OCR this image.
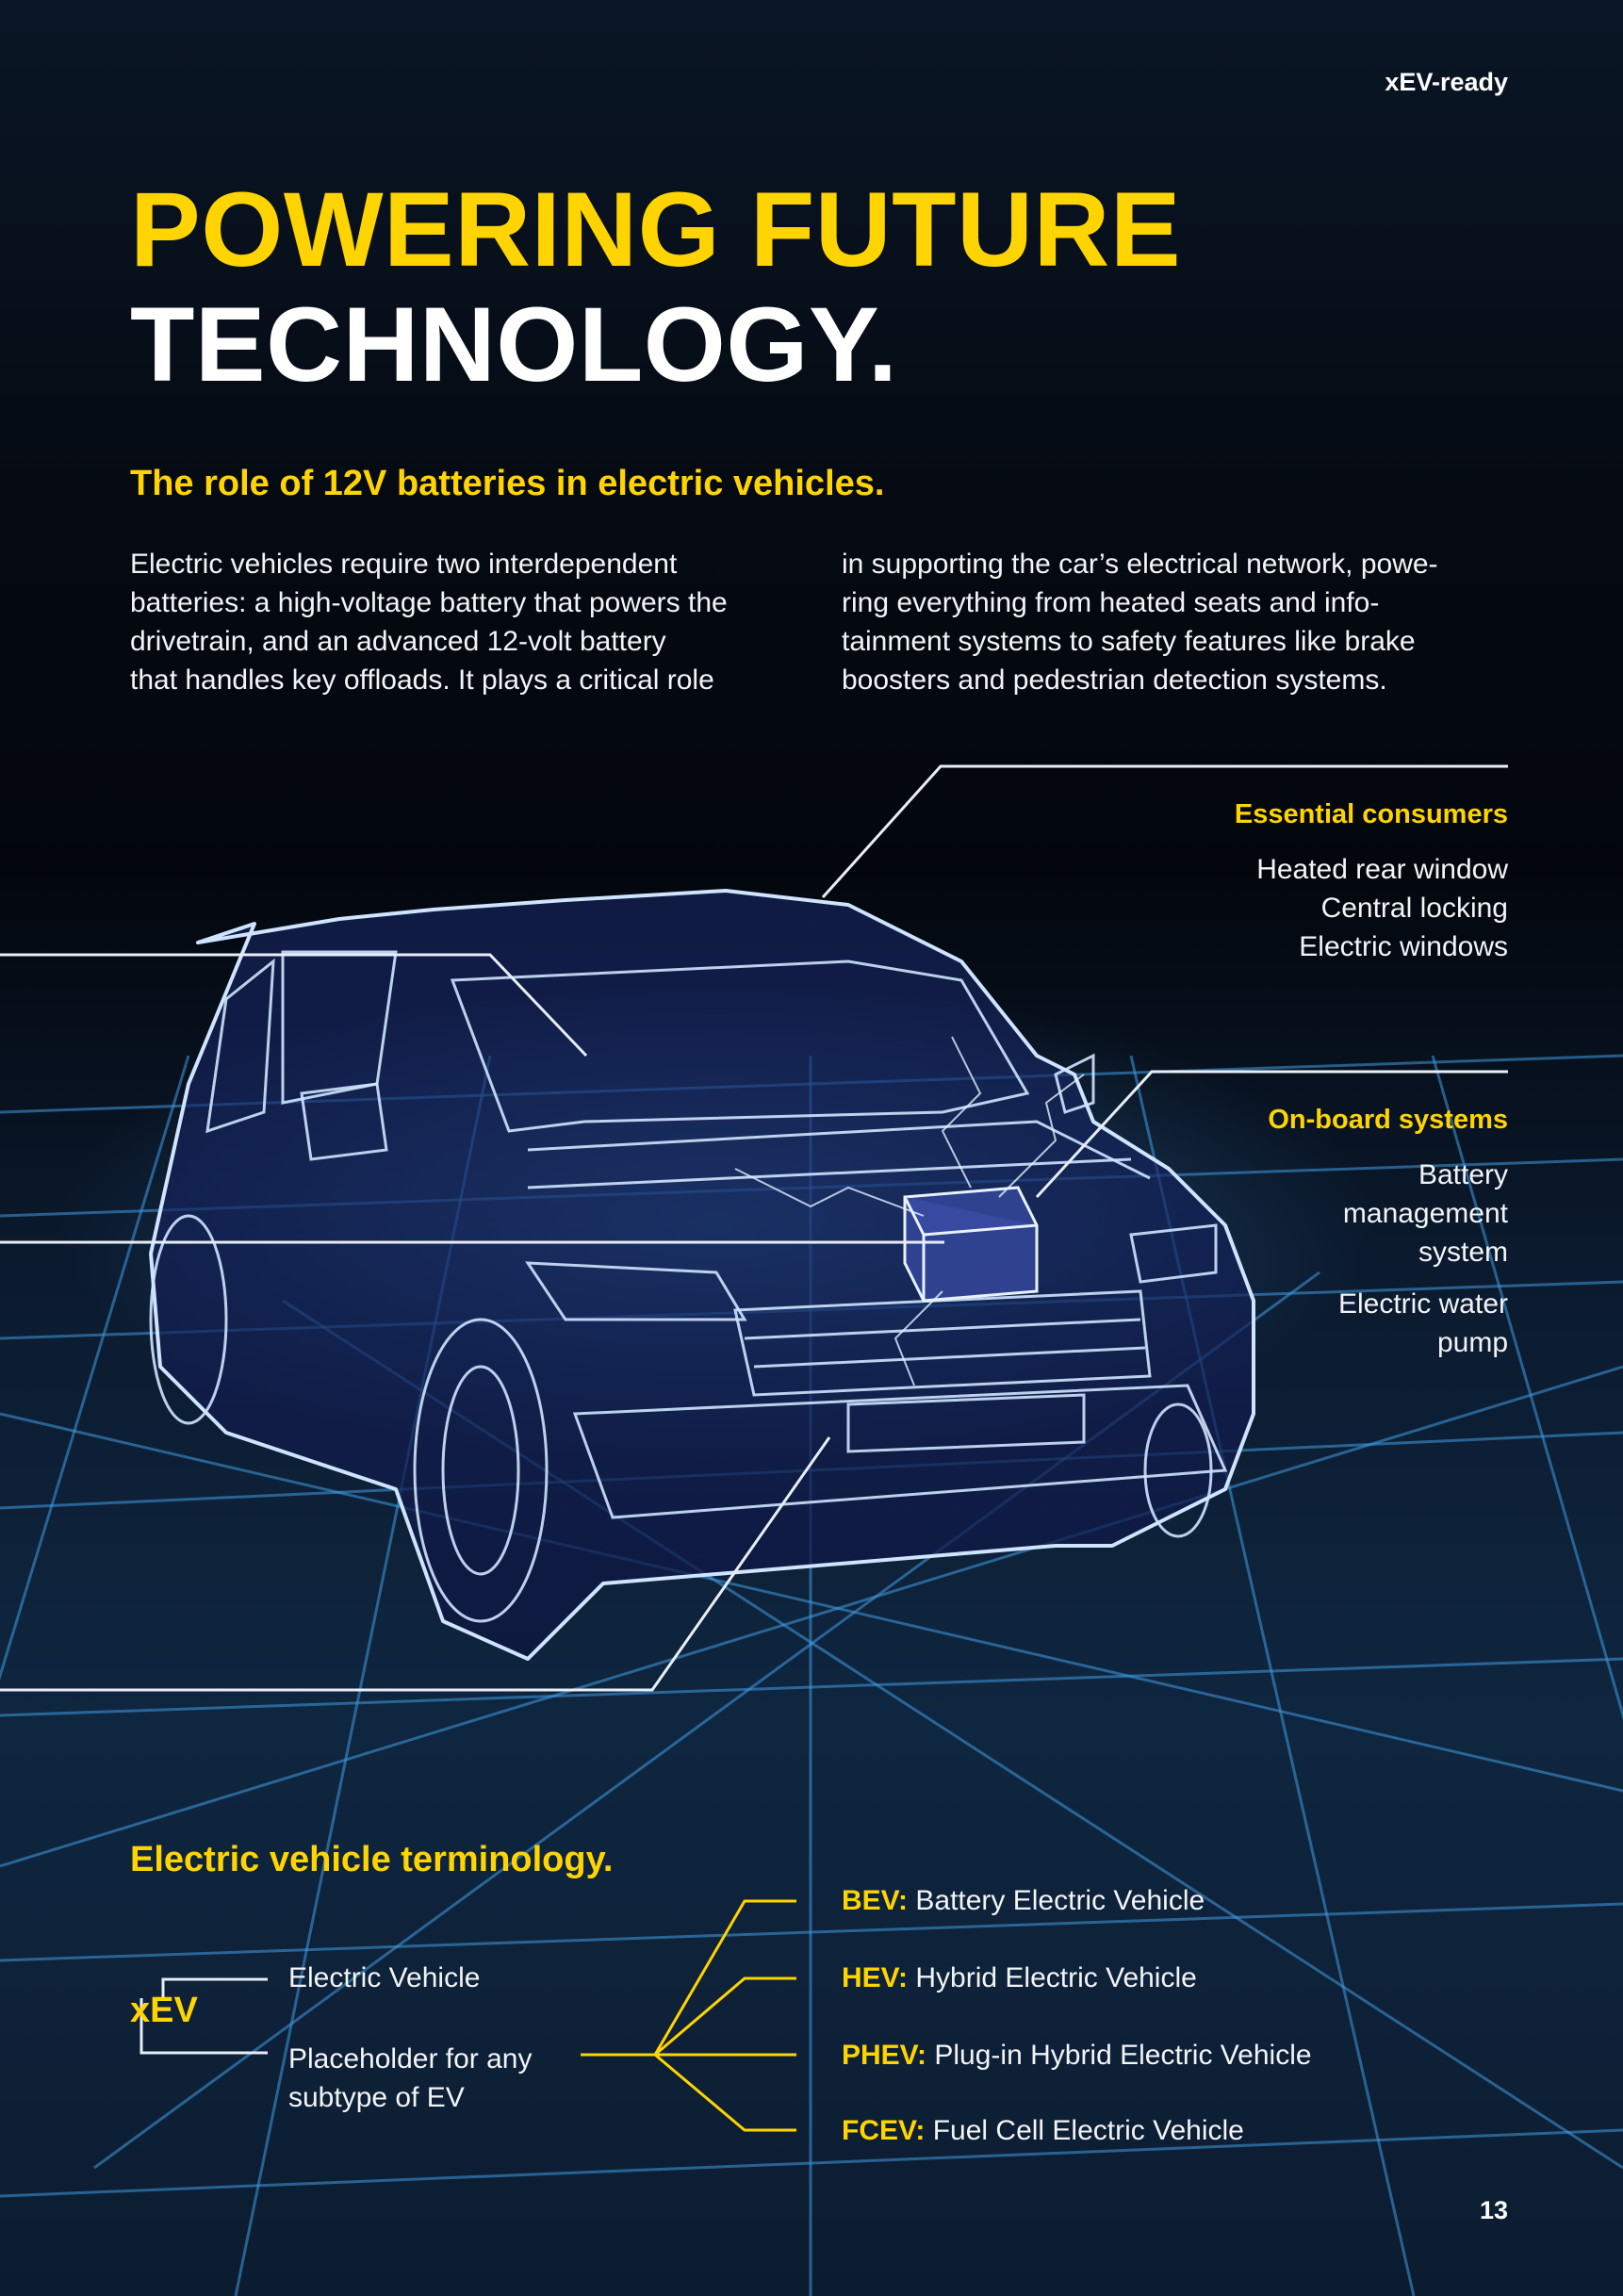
xEV-ready
POWERING FUTURE
TECHNOLOGY.
The role of 12V batteries in electric vehicles.
Electric vehicles require two interdependent
batteries: a high-voltage battery that powers the
drivetrain, and an advanced 12-volt battery
that handles key offloads. It plays a critical role
in supporting the car’s electrical network, powe-
ring everything from heated seats and info-
tainment systems to safety features like brake
boosters and pedestrian detection systems.
Essential consumers
Heated rear window
Central locking
Electric windows
On-board systems
Battery
management
system
Electric water
pump
Electric vehicle terminology.
xEV
Electric Vehicle
Placeholder for any
subtype of EV
BEV: Battery Electric Vehicle
HEV: Hybrid Electric Vehicle
PHEV: Plug-in Hybrid Electric Vehicle
FCEV: Fuel Cell Electric Vehicle
13
